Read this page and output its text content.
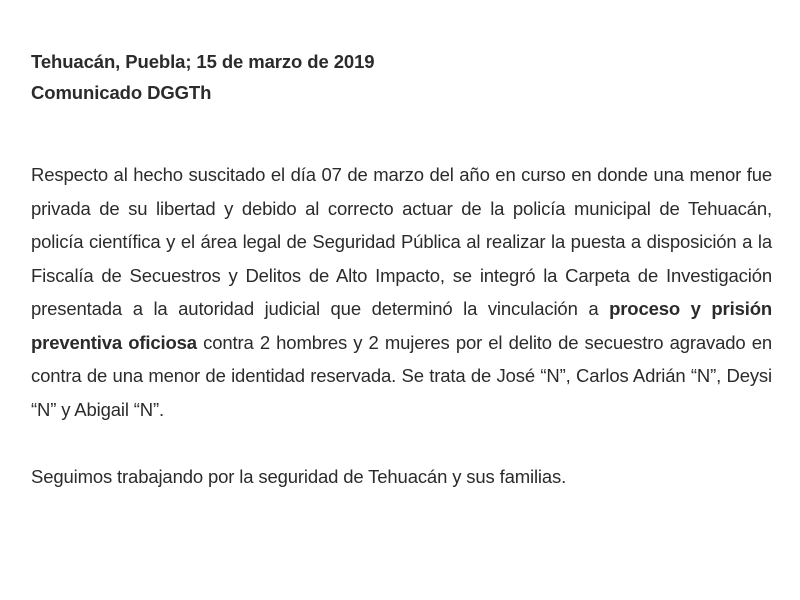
Tehuacán, Puebla; 15 de marzo de 2019

Comunicado DGGTh

Respecto al hecho suscitado el día 07 de marzo del año en curso en donde una menor fue privada de su libertad y debido al correcto actuar de la policía municipal de Tehuacán, policía científica y el área legal de Seguridad Pública al realizar la puesta a disposición a la Fiscalía de Secuestros y Delitos de Alto Impacto, se integró la Carpeta de Investigación presentada a la autoridad judicial que determinó la vinculación a proceso y prisión preventiva oficiosa contra 2 hombres y 2 mujeres por el delito de secuestro agravado en contra de una menor de identidad reservada. Se trata de José “N”, Carlos Adrián “N”, Deysi “N” y Abigail “N”.

Seguimos trabajando por la seguridad de Tehuacán y sus familias.
